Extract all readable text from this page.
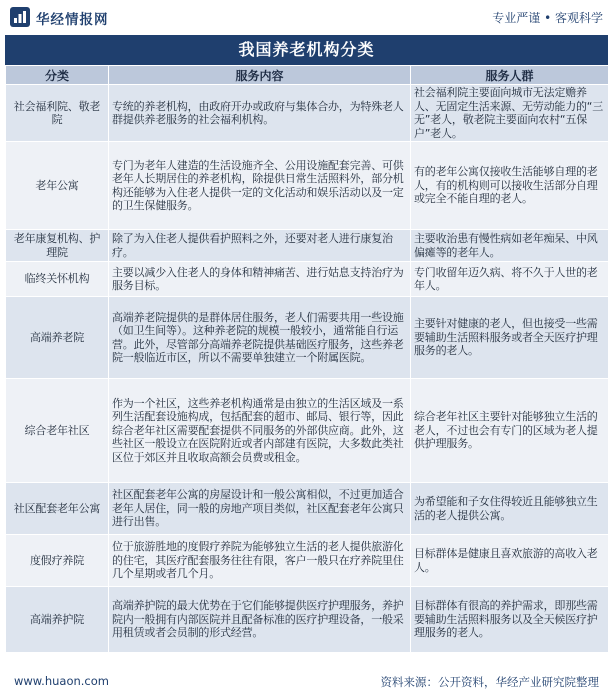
华经情报网	专业严谨 • 客观科学
我国养老机构分类
分类	服务内容	服务人群
社会福利院、敬老院	专统的养老机构，由政府开办或政府与集体合办，为特殊老人群提供养老服务的社会福利机构。	社会福利院主要面向城市无法定赡养人、无固定生活来源、无劳动能力的“三无”老人，敬老院主要面向农村“五保户”老人。
老年公寓	专门为老年人建造的生活设施齐全、公用设施配套完善、可供老年人长期居住的养老机构，除提供日常生活照料外，部分机构还能够为入住老人提供一定的文化活动和娱乐活动以及一定的卫生保健服务。	有的老年公寓仅接收生活能够自理的老人，有的机构则可以接收生活部分自理或完全不能自理的老人。
老年康复机构、护理院	除了为入住老人提供看护照料之外，还要对老人进行康复治疗。	主要收治患有慢性病如老年痴呆、中风偏瘫等的老年人。
临终关怀机构	主要以减少入住老人的身体和精神痛苦、进行姑息支持治疗为服务目标。	专门收留年迈久病、将不久于人世的老年人。
高端养老院	高端养老院提供的是群体居住服务，老人们需要共用一些设施（如卫生间等）。这种养老院的规模一般较小，通常能自行运营。此外，尽管部分高端养老院提供基础医疗服务，这些养老院一般临近市区，所以不需要单独建立一个附属医院。	主要针对健康的老人，但也接受一些需要辅助生活照料服务或者全天医疗护理服务的老人。
综合老年社区	作为一个社区，这些养老机构通常是由独立的生活区域及一系列生活配套设施构成，包括配套的超市、邮局、银行等，因此综合老年社区需要配套提供不同服务的外部供应商。此外，这些社区一般设立在医院附近或者内部建有医院，大多数此类社区位于郊区并且收取高额会员费或租金。	综合老年社区主要针对能够独立生活的老人，不过也会有专门的区域为老人提供护理服务。
社区配套老年公寓	社区配套老年公寓的房屋设计和一般公寓相似，不过更加适合老年人居住，同一般的房地产项目类似，社区配套老年公寓只进行出售。	为希望能和子女住得较近且能够独立生活的老人提供公寓。
度假疗养院	位于旅游胜地的度假疗养院为能够独立生活的老人提供旅游化的住宅，其医疗配套服务往往有限，客户一般只在疗养院里住几个星期或者几个月。	目标群体是健康且喜欢旅游的高收入老人。
高端养护院	高端养护院的最大优势在于它们能够提供医疗护理服务，养护院内一般拥有内部医院并且配备标准的医疗护理设备，一般采用租赁或者会员制的形式经营。	目标群体有很高的养护需求，即那些需要辅助生活照料服务以及全天候医疗护理服务的老人。
www.huaon.com	资料来源：公开资料，华经产业研究院整理
